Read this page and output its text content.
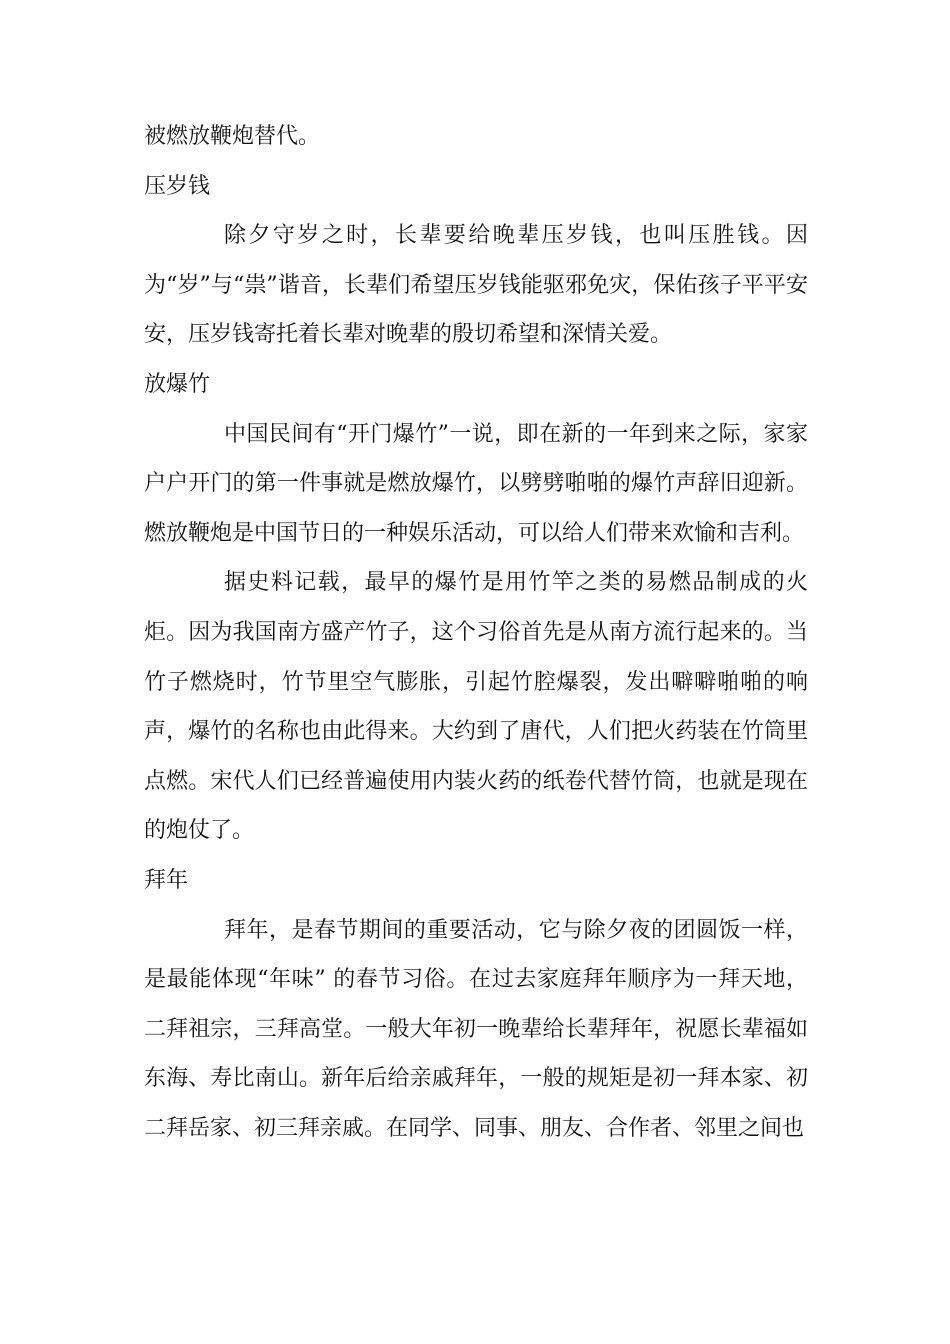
被燃放鞭炮替代。

压岁钱

除夕守岁之时，长辈要给晚辈压岁钱，也叫压胜钱。因为“岁”与“祟”谐音，长辈们希望压岁钱能驱邪免灾，保佑孩子平平安安，压岁钱寄托着长辈对晚辈的殷切希望和深情关爱。

放爆竹

中国民间有“开门爆竹”一说，即在新的一年到来之际，家家户户开门的第一件事就是燃放爆竹，以劈劈啪啪的爆竹声辞旧迎新。燃放鞭炮是中国节日的一种娱乐活动，可以给人们带来欢愉和吉利。

据史料记载，最早的爆竹是用竹竿之类的易燃品制成的火炬。因为我国南方盛产竹子，这个习俗首先是从南方流行起来的。当竹子燃烧时，竹节里空气膨胀，引起竹腔爆裂，发出噼噼啪啪的响声，爆竹的名称也由此得来。大约到了唐代，人们把火药装在竹筒里点燃。宋代人们已经普遍使用内装火药的纸卷代替竹筒，也就是现在的炮仗了。

拜年

拜年，是春节期间的重要活动，它与除夕夜的团圆饭一样，是最能体现“年味” 的春节习俗。在过去家庭拜年顺序为一拜天地，二拜祖宗，三拜高堂。一般大年初一晚辈给长辈拜年，祝愿长辈福如东海、寿比南山。新年后给亲戚拜年，一般的规矩是初一拜本家、初二拜岳家、初三拜亲戚。在同学、同事、朋友、合作者、邻里之间也
